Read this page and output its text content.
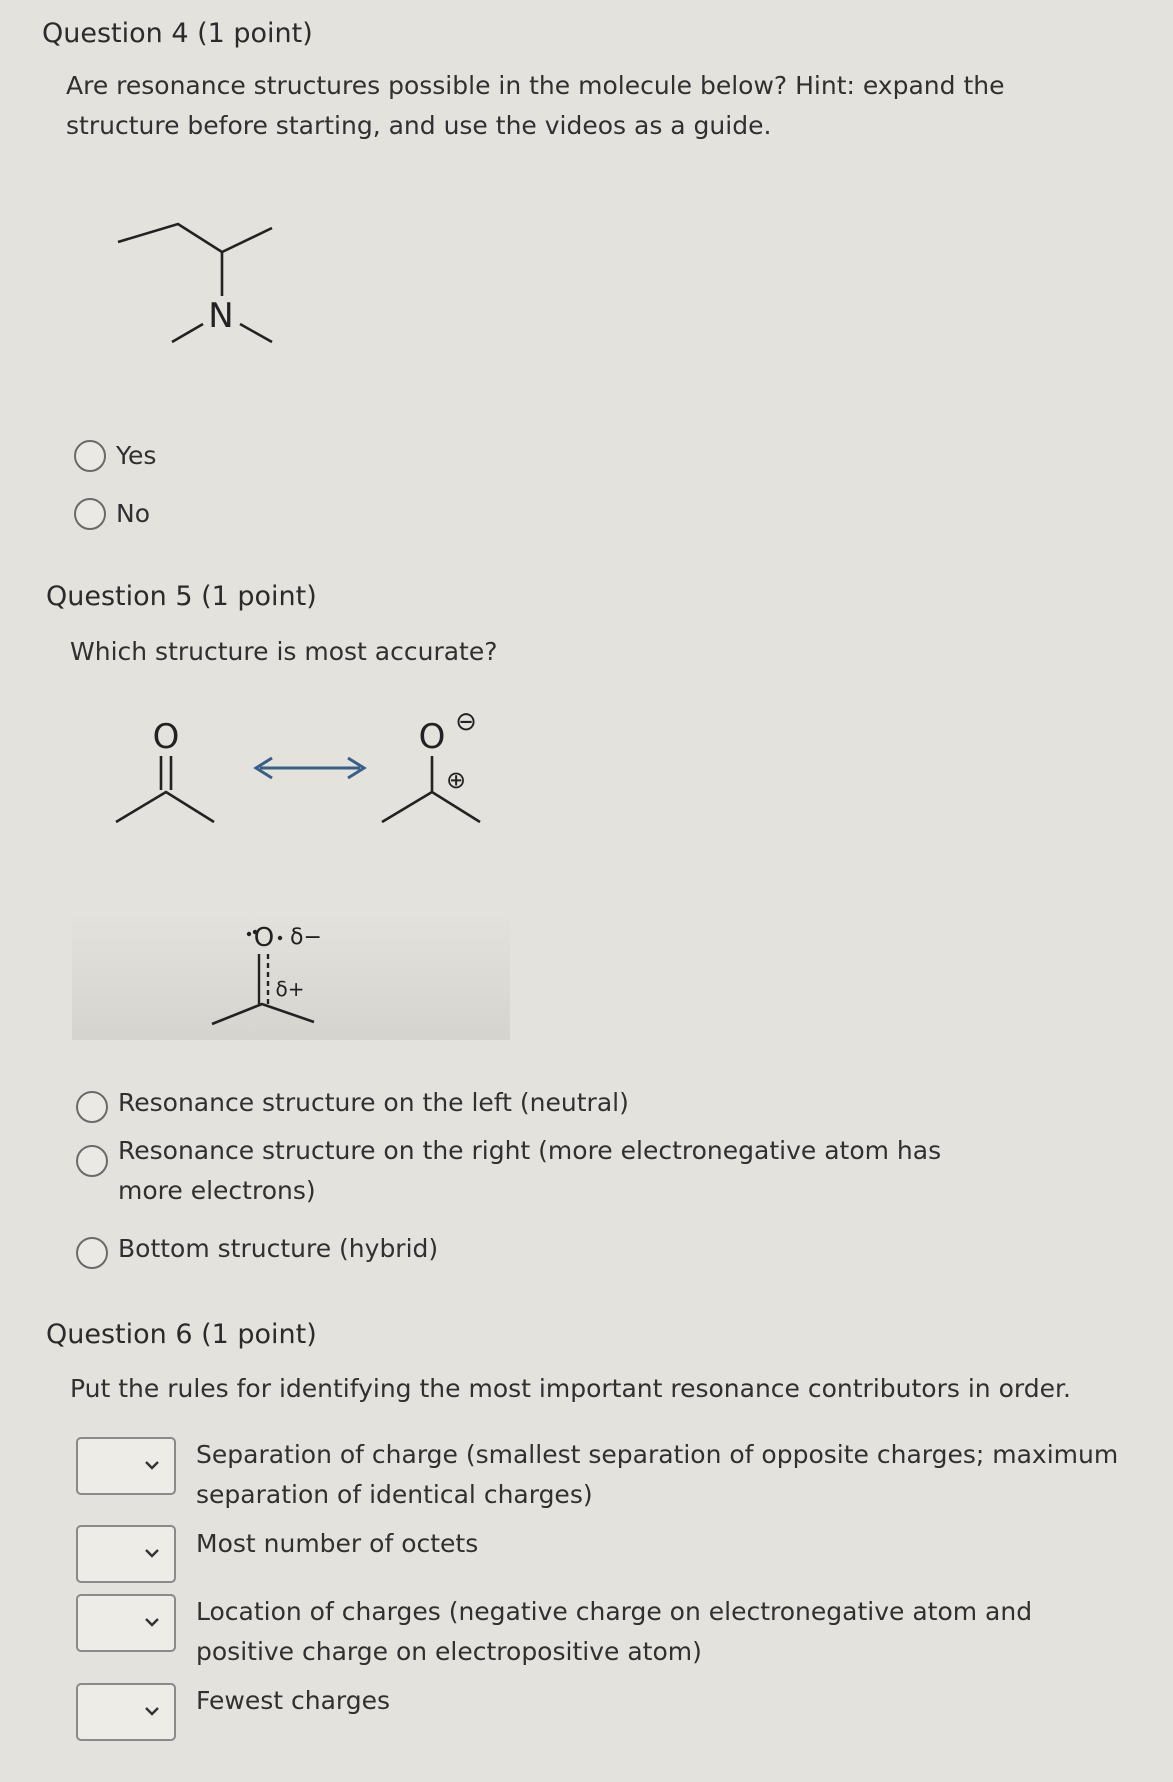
Question 4 (1 point)
Are resonance structures possible in the molecule below? Hint: expand the structure before starting, and use the videos as a guide.
N
Yes
No
Question 5 (1 point)
Which structure is most accurate?
O	O ⊖
⊕
O δ−
δ+
Resonance structure on the left (neutral)
Resonance structure on the right (more electronegative atom has more electrons)
Bottom structure (hybrid)
Question 6 (1 point)
Put the rules for identifying the most important resonance contributors in order.
Separation of charge (smallest separation of opposite charges; maximum separation of identical charges)
Most number of octets
Location of charges (negative charge on electronegative atom and positive charge on electropositive atom)
Fewest charges
